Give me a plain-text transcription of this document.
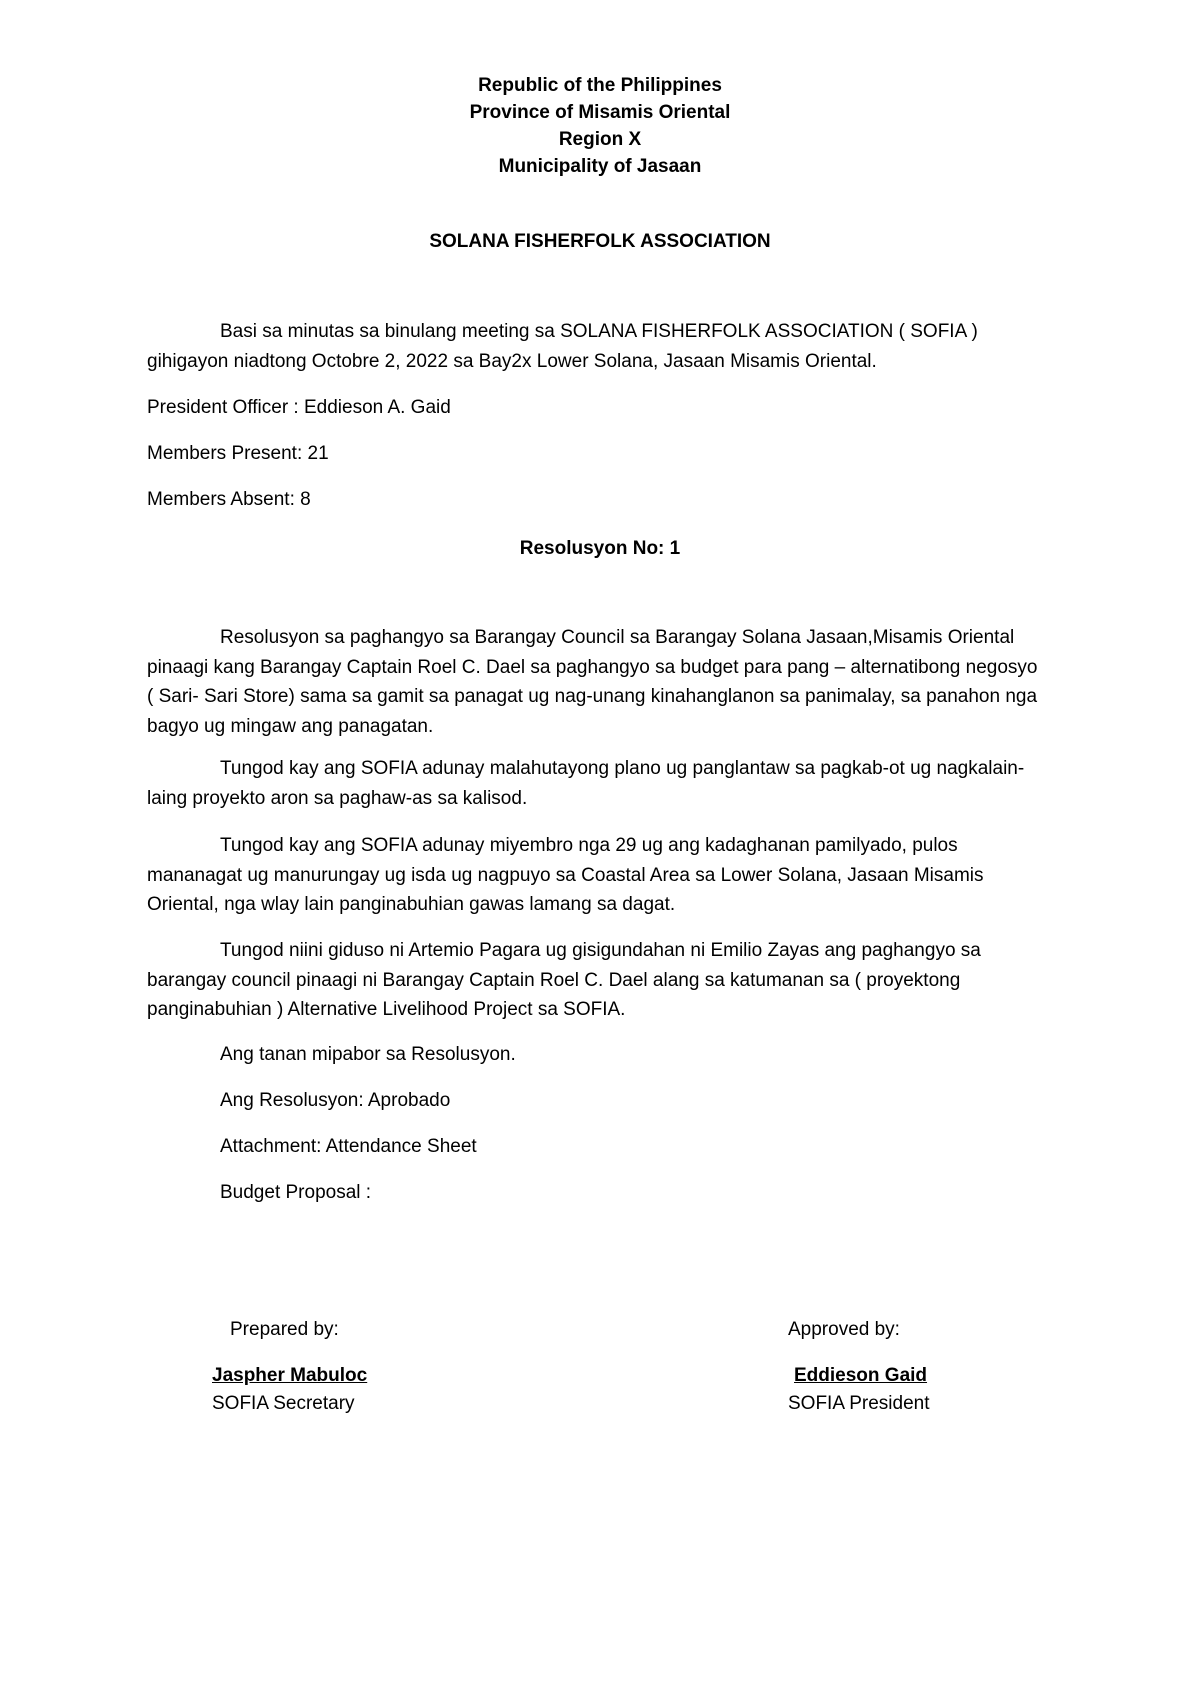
Republic of the Philippines
Province of Misamis Oriental
Region X
Municipality of Jasaan
SOLANA FISHERFOLK ASSOCIATION
Basi sa minutas sa binulang meeting sa SOLANA FISHERFOLK ASSOCIATION ( SOFIA ) gihigayon niadtong Octobre 2, 2022 sa Bay2x Lower Solana, Jasaan Misamis Oriental.
President Officer : Eddieson A. Gaid
Members Present: 21
Members Absent: 8
Resolusyon No: 1
Resolusyon sa paghangyo sa Barangay Council sa Barangay Solana Jasaan,Misamis Oriental pinaagi kang Barangay Captain Roel C. Dael sa paghangyo sa budget para pang – alternatibong negosyo ( Sari- Sari Store) sama sa gamit sa panagat ug nag-unang kinahanglanon sa panimalay, sa panahon nga bagyo ug mingaw ang panagatan.
Tungod kay ang SOFIA adunay malahutayong plano ug panglantaw sa pagkab-ot ug nagkalain-laing proyekto aron sa paghaw-as sa kalisod.
Tungod kay ang SOFIA adunay miyembro nga 29 ug ang kadaghanan pamilyado, pulos mananagat ug manurungay ug isda ug nagpuyo sa Coastal Area sa Lower Solana, Jasaan Misamis Oriental, nga wlay lain panginabuhian gawas lamang sa dagat.
Tungod niini giduso ni Artemio Pagara ug gisigundahan ni Emilio Zayas ang paghangyo sa barangay council pinaagi ni Barangay Captain Roel C. Dael alang sa katumanan sa ( proyektong panginabuhian ) Alternative Livelihood Project sa SOFIA.
Ang tanan mipabor sa Resolusyon.
Ang Resolusyon: Aprobado
Attachment: Attendance Sheet
Budget Proposal :
Prepared by:
Jaspher Mabuloc
SOFIA Secretary
Approved by:
Eddieson Gaid
SOFIA President
